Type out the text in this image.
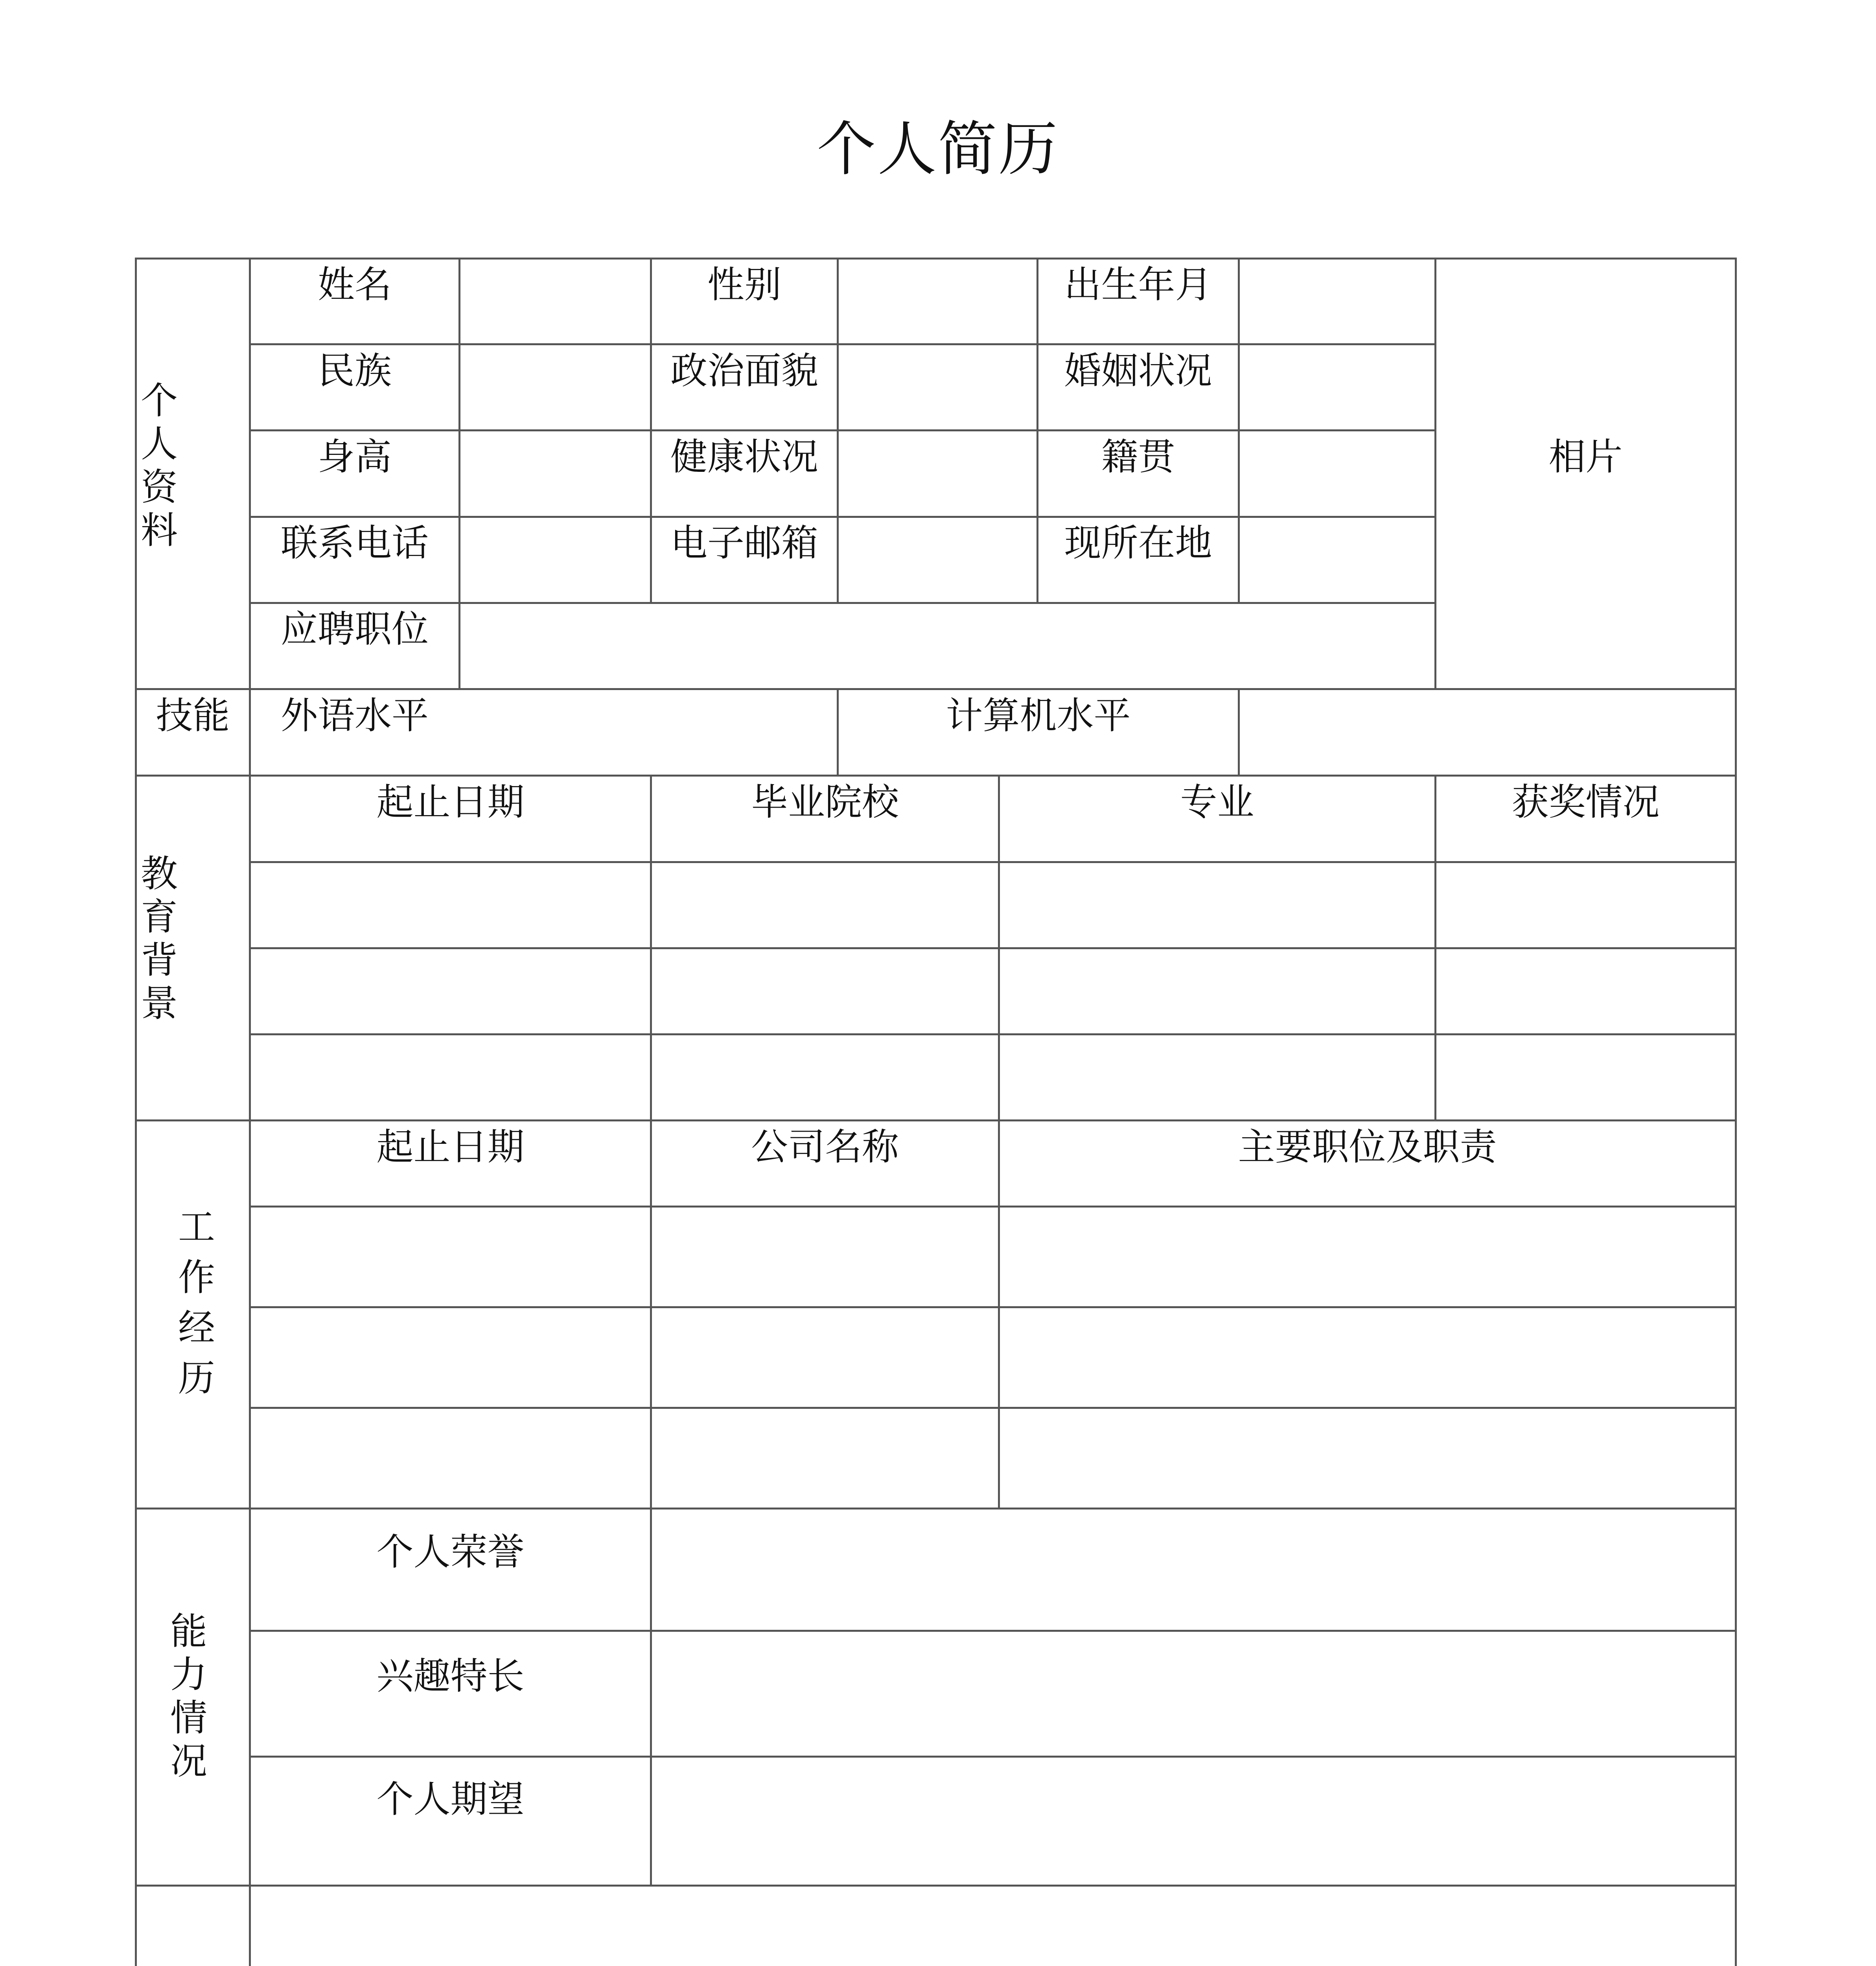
个人简历
个
人
资
料
姓名	性别	出生年月
民族	政治面貌	婚姻状况
身高	健康状况	籍贯
联系电话	电子邮箱	现所在地
应聘职位
相片
技能	外语水平	计算机水平
教
育
背
景
起止日期	毕业院校	专业	获奖情况
工
作
经
历
起止日期	公司名称	主要职位及职责
能
力
情
况
个人荣誉
兴趣特长
个人期望
